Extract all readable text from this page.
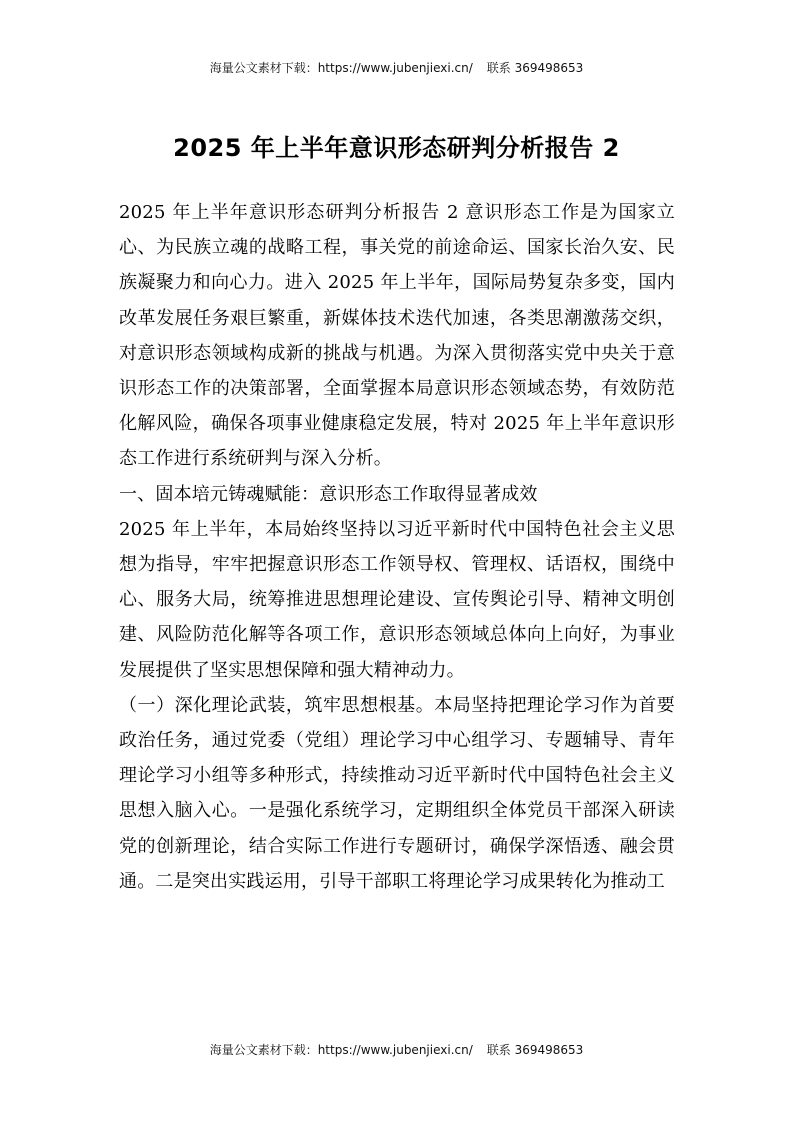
海量公文素材下载：https://www.jubenjiexi.cn/ 联系 369498653
2025 年上半年意识形态研判分析报告 2

2025 年上半年意识形态研判分析报告 2 意识形态工作是为国家立心、为民族立魂的战略工程，事关党的前途命运、国家长治久安、民族凝聚力和向心力。进入 2025 年上半年，国际局势复杂多变，国内改革发展任务艰巨繁重，新媒体技术迭代加速，各类思潮激荡交织，对意识形态领域构成新的挑战与机遇。为深入贯彻落实党中央关于意识形态工作的决策部署，全面掌握本局意识形态领域态势，有效防范化解风险，确保各项事业健康稳定发展，特对 2025 年上半年意识形态工作进行系统研判与深入分析。

一、固本培元铸魂赋能：意识形态工作取得显著成效

2025 年上半年，本局始终坚持以习近平新时代中国特色社会主义思想为指导，牢牢把握意识形态工作领导权、管理权、话语权，围绕中心、服务大局，统筹推进思想理论建设、宣传舆论引导、精神文明创建、风险防范化解等各项工作，意识形态领域总体向上向好，为事业发展提供了坚实思想保障和强大精神动力。

（一）深化理论武装，筑牢思想根基。本局坚持把理论学习作为首要政治任务，通过党委（党组）理论学习中心组学习、专题辅导、青年理论学习小组等多种形式，持续推动习近平新时代中国特色社会主义思想入脑入心。一是强化系统学习，定期组织全体党员干部深入研读党的创新理论，结合实际工作进行专题研讨，确保学深悟透、融会贯通。二是突出实践运用，引导干部职工将理论学习成果转化为推动工

海量公文素材下载：https://www.jubenjiexi.cn/ 联系 369498653
